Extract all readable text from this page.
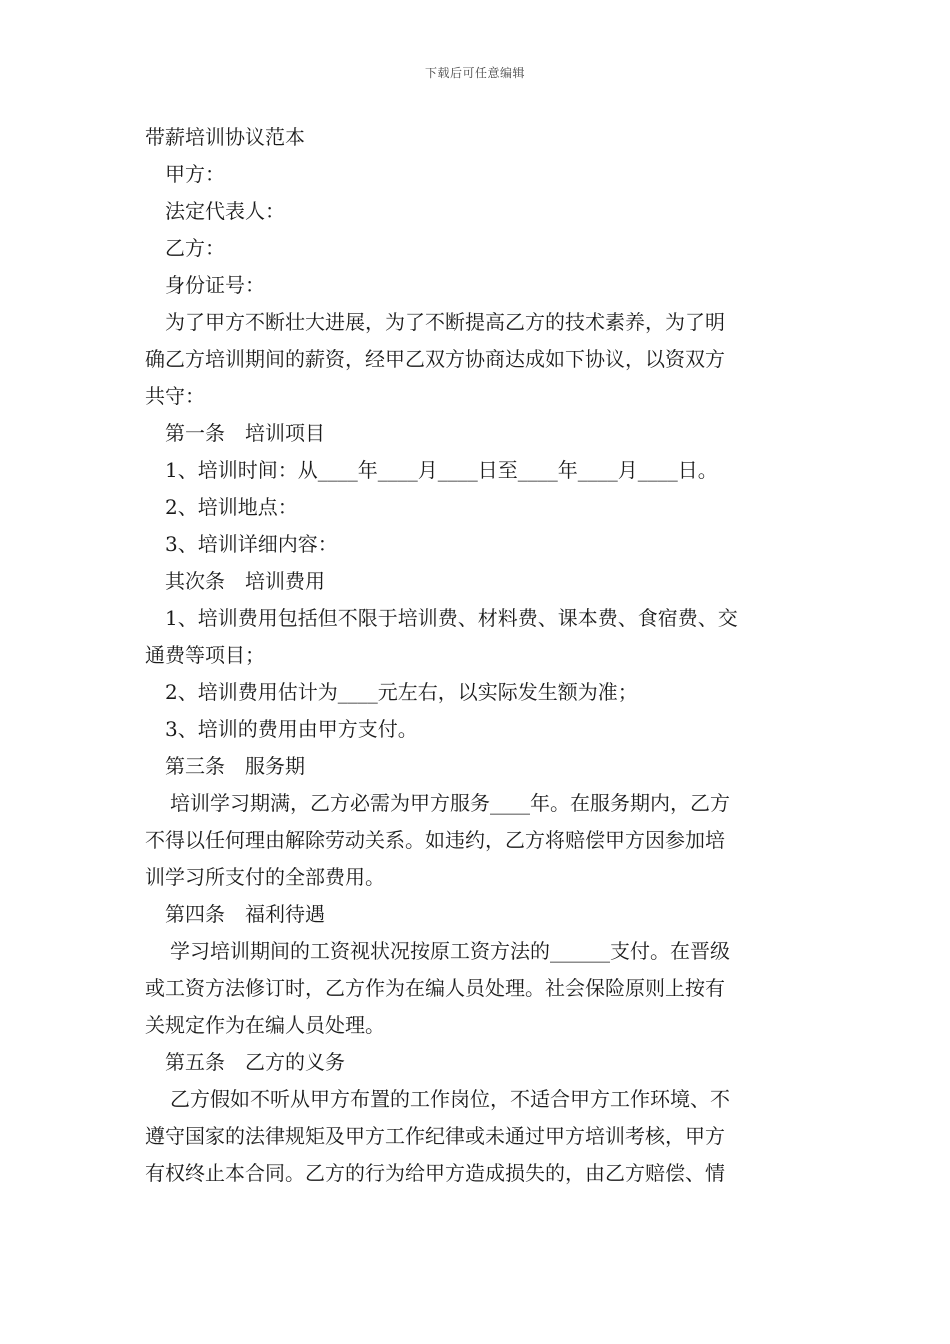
下载后可任意编辑
带薪培训协议范本
甲方：
法定代表人：
乙方：
身份证号：
为了甲方不断壮大进展，为了不断提高乙方的技术素养，为了明
确乙方培训期间的薪资，经甲乙双方协商达成如下协议，以资双方
共守：
第一条　培训项目
1、培训时间：从____年____月____日至____年____月____日。
2、培训地点：
3、培训详细内容：
其次条　培训费用
1、培训费用包括但不限于培训费、材料费、课本费、食宿费、交
通费等项目；
2、培训费用估计为____元左右，以实际发生额为准；
3、培训的费用由甲方支付。
第三条　服务期
培训学习期满，乙方必需为甲方服务____年。在服务期内，乙方
不得以任何理由解除劳动关系。如违约，乙方将赔偿甲方因参加培
训学习所支付的全部费用。
第四条　福利待遇
学习培训期间的工资视状况按原工资方法的______支付。在晋级
或工资方法修订时，乙方作为在编人员处理。社会保险原则上按有
关规定作为在编人员处理。
第五条　乙方的义务
乙方假如不听从甲方布置的工作岗位，不适合甲方工作环境、不
遵守国家的法律规矩及甲方工作纪律或未通过甲方培训考核，甲方
有权终止本合同。乙方的行为给甲方造成损失的，由乙方赔偿、情
